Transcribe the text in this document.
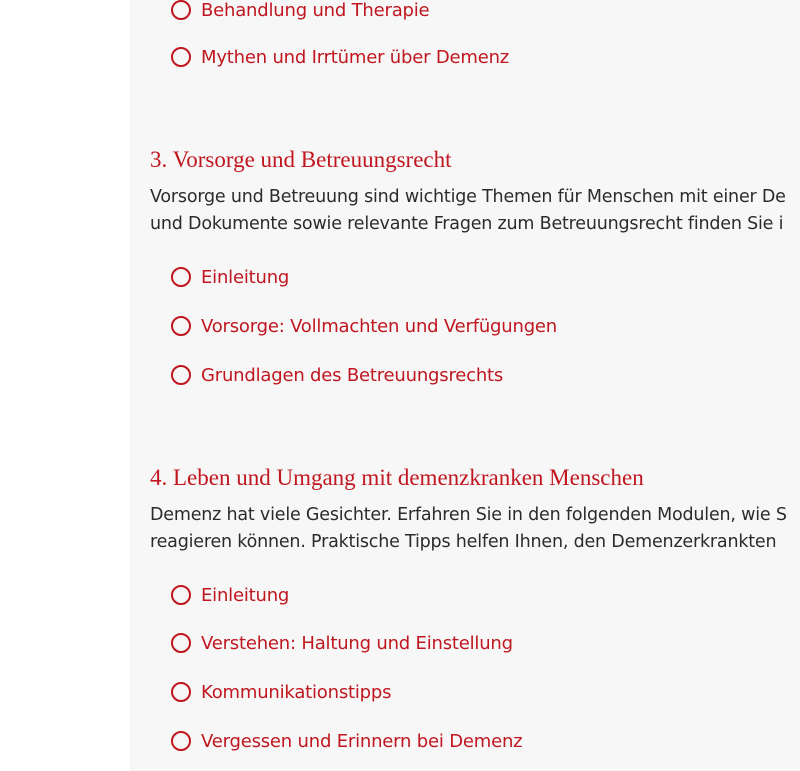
Behandlung und Therapie
Mythen und Irrtümer über Demenz
3. Vorsorge und Betreuungsrecht

Vorsorge und Betreuung sind wichtige Themen für Menschen mit einer De

und Dokumente sowie relevante Fragen zum Betreuungsrecht finden Sie i

Einleitung
Vorsorge: Vollmachten und Verfügungen
Grundlagen des Betreuungsrechts
4. Leben und Umgang mit demenzkranken Menschen

Demenz hat viele Gesichter. Erfahren Sie in den folgenden Modulen, wie S

reagieren können. Praktische Tipps helfen Ihnen, den Demenzerkrankten

Einleitung
Verstehen: Haltung und Einstellung
Kommunikationstipps
Vergessen und Erinnern bei Demenz
